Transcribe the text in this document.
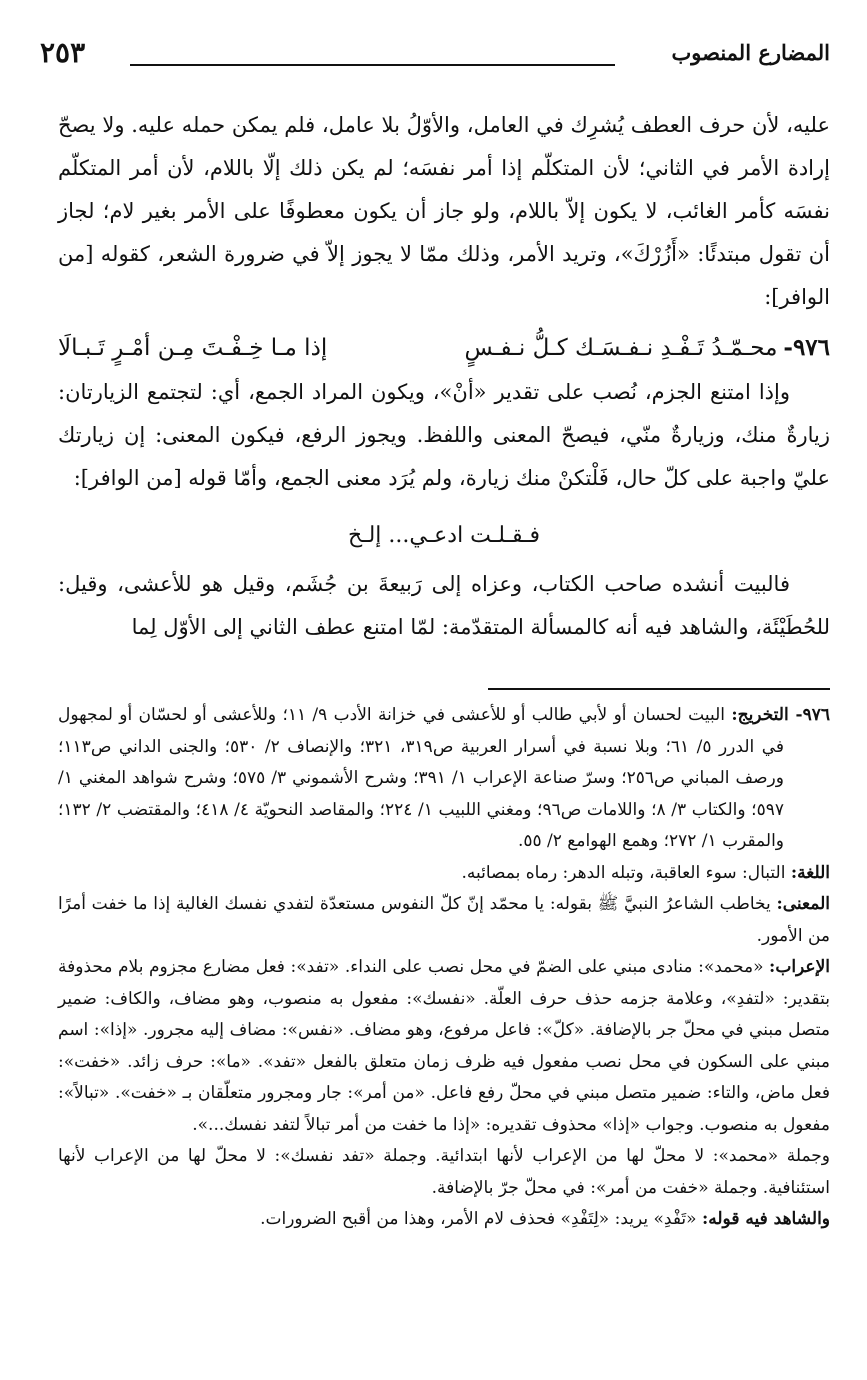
المضارع المنصوب
٢٥٣

عليه، لأن حرف العطف يُشرِك في العامل، والأوّلُ بلا عامل، فلم يمكن حمله عليه. ولا يصحّ إرادة الأمر في الثاني؛ لأن المتكلّم إذا أمر نفسَه؛ لم يكن ذلك إلّا باللام، لأن أمر المتكلّم نفسَه كأمر الغائب، لا يكون إلاّ باللام، ولو جاز أن يكون معطوفًا على الأمر بغير لام؛ لجاز أن تقول مبتدئًا: «أَزُرْكَ»، وتريد الأمر، وذلك ممّا لا يجوز إلاّ في ضرورة الشعر، كقوله [من الوافر]:

٩٧٦-محـمّـدُ تَـفْـدِ نـفـسَـك كـلُّ نـفـسٍ
إذا مـا خِـفْـتَ مِـن أمْـرٍ تَـبـالَا

وإذا امتنع الجزم، نُصب على تقدير «أنْ»، ويكون المراد الجمع، أي: لتجتمع الزيارتان: زيارةٌ منك، وزيارةٌ منّي، فيصحّ المعنى واللفظ. ويجوز الرفع، فيكون المعنى: إن زيارتك عليّ واجبة على كلّ حال، فَلْتكنْ منك زيارة، ولم يُرَد معنى الجمع، وأمّا قوله [من الوافر]:

فـقـلـت ادعـي... إلـخ

فالبيت أنشده صاحب الكتاب، وعزاه إلى رَبيعةَ بن جُشَم، وقيل هو للأعشى، وقيل: للحُطَيْئَة، والشاهد فيه أنه كالمسألة المتقدّمة: لمّا امتنع عطف الثاني إلى الأوّل لِما

٩٧٦- التخريج: البيت لحسان أو لأبي طالب أو للأعشى في خزانة الأدب ٩/ ١١؛ وللأعشى أو لحسّان أو لمجهول في الدرر ٥/ ٦١؛ وبلا نسبة في أسرار العربية ص٣١٩، ٣٢١؛ والإنصاف ٢/ ٥٣٠؛ والجنى الداني ص١١٣؛ ورصف المباني ص٢٥٦؛ وسرّ صناعة الإعراب ١/ ٣٩١؛ وشرح الأشموني ٣/ ٥٧٥؛ وشرح شواهد المغني ١/ ٥٩٧؛ والكتاب ٣/ ٨؛ واللامات ص٩٦؛ ومغني اللبيب ١/ ٢٢٤؛ والمقاصد النحويّة ٤/ ٤١٨؛ والمقتضب ٢/ ١٣٢؛ والمقرب ١/ ٢٧٢؛ وهمع الهوامع ٢/ ٥٥.

اللغة: التبال: سوء العاقبة، وتبله الدهر: رماه بمصائبه.

المعنى: يخاطب الشاعرُ النبيَّ ﷺ بقوله: يا محمّد إنّ كلّ النفوس مستعدّة لتفدي نفسك الغالية إذا ما خفت أمرًا من الأمور.

الإعراب: «محمد»: منادى مبني على الضمّ في محل نصب على النداء. «تفد»: فعل مضارع مجزوم بلام محذوفة بتقدير: «لتفدِ»، وعلامة جزمه حذف حرف العلّة. «نفسك»: مفعول به منصوب، وهو مضاف، والكاف: ضمير متصل مبني في محلّ جر بالإضافة. «كلّ»: فاعل مرفوع، وهو مضاف. «نفس»: مضاف إليه مجرور. «إذا»: اسم مبني على السكون في محل نصب مفعول فيه ظرف زمان متعلق بالفعل «تفد». «ما»: حرف زائد. «خفت»: فعل ماض، والتاء: ضمير متصل مبني في محلّ رفع فاعل. «من أمر»: جار ومجرور متعلّقان بـ «خفت». «تبالاً»: مفعول به منصوب. وجواب «إذا» محذوف تقديره: «إذا ما خفت من أمر تبالاً لتفد نفسك...».

وجملة «محمد»: لا محلّ لها من الإعراب لأنها ابتدائية. وجملة «تفد نفسك»: لا محلّ لها من الإعراب لأنها استئنافية. وجملة «خفت من أمر»: في محلّ جرّ بالإضافة.

والشاهد فيه قوله: «تَفْدِ» يريد: «لِتَفْدِ» فحذف لام الأمر، وهذا من أقبح الضرورات.
